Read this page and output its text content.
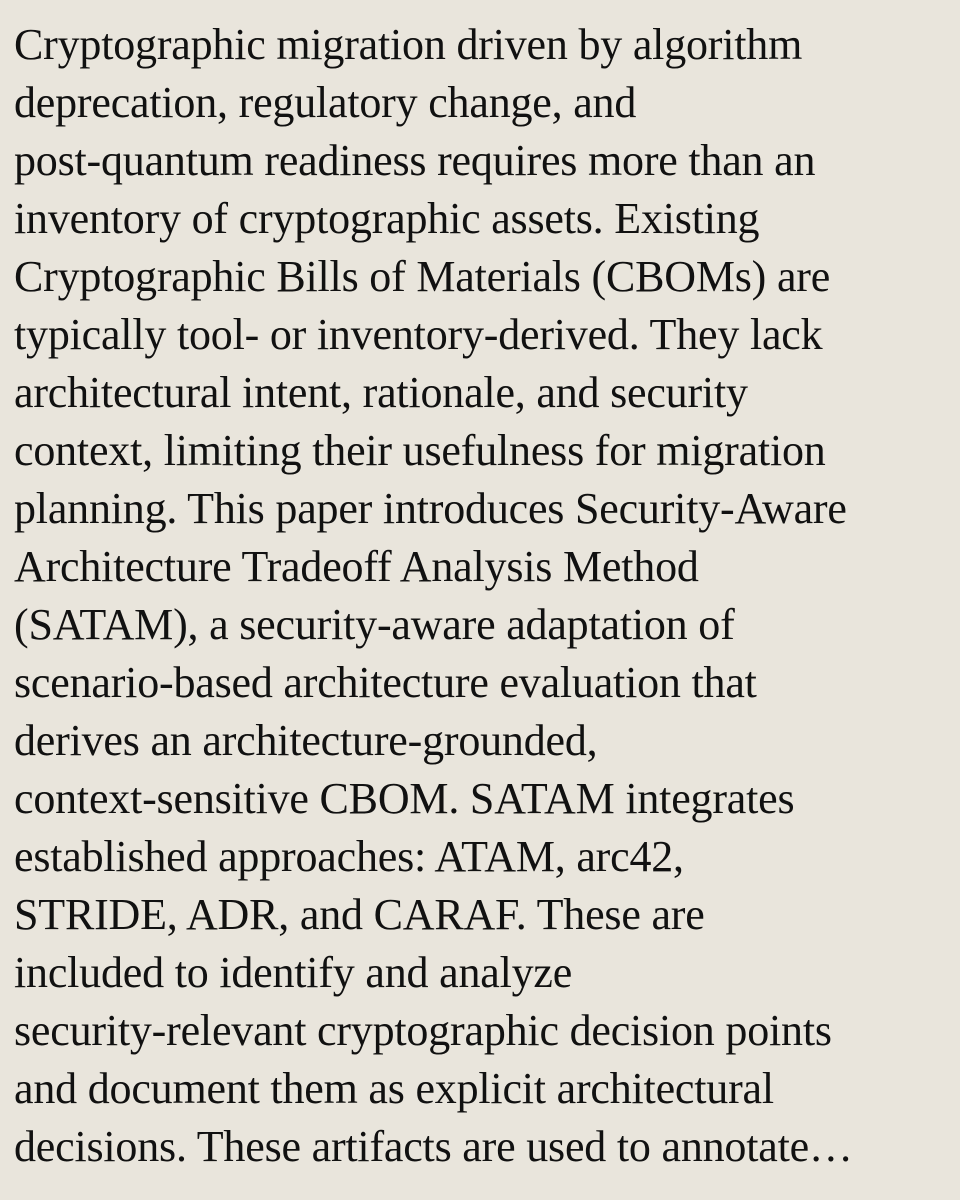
Cryptographic migration driven by algorithm
deprecation, regulatory change, and
post-quantum readiness requires more than an
inventory of cryptographic assets. Existing
Cryptographic Bills of Materials (CBOMs) are
typically tool- or inventory-derived. They lack
architectural intent, rationale, and security
context, limiting their usefulness for migration
planning. This paper introduces Security-Aware
Architecture Tradeoff Analysis Method
(SATAM), a security-aware adaptation of
scenario-based architecture evaluation that
derives an architecture-grounded,
context-sensitive CBOM. SATAM integrates
established approaches: ATAM, arc42,
STRIDE, ADR, and CARAF. These are
included to identify and analyze
security-relevant cryptographic decision points
and document them as explicit architectural
decisions. These artifacts are used to annotate…
